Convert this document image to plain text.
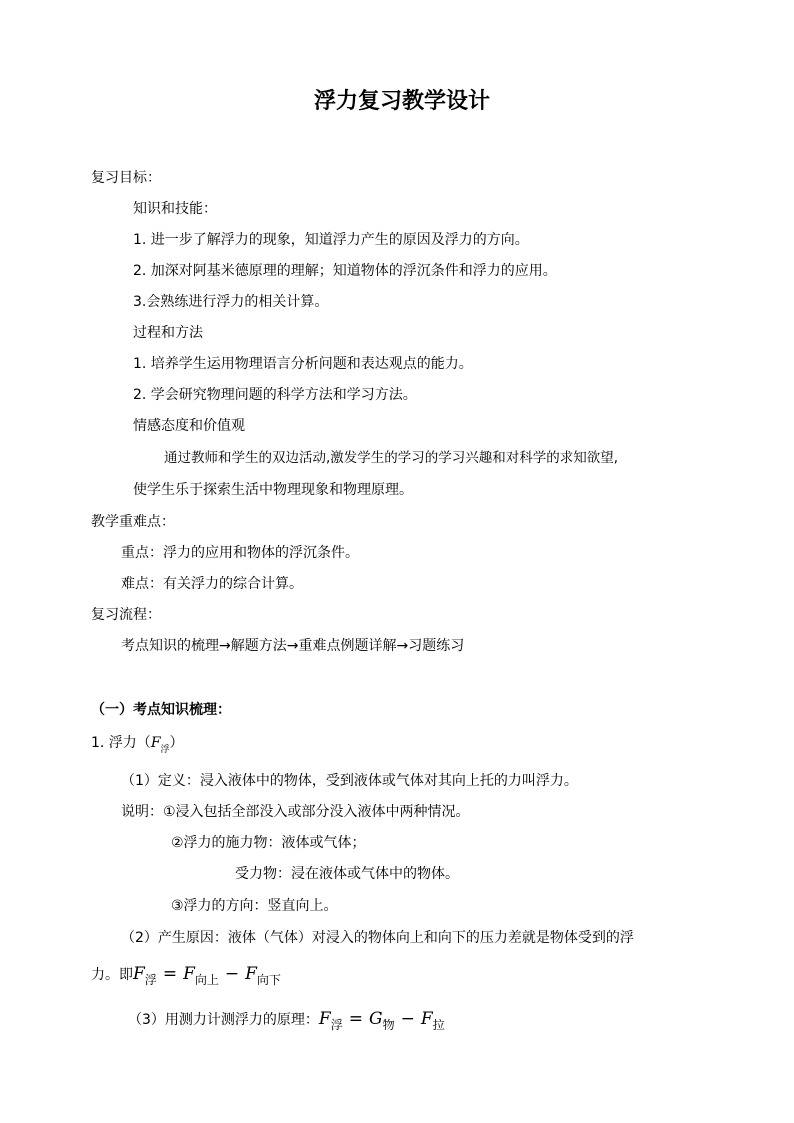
浮力复习教学设计
复习目标：
知识和技能：
1. 进一步了解浮力的现象，知道浮力产生的原因及浮力的方向。
2. 加深对阿基米德原理的理解；知道物体的浮沉条件和浮力的应用。
3.会熟练进行浮力的相关计算。
过程和方法
1. 培养学生运用物理语言分析问题和表达观点的能力。
2. 学会研究物理问题的科学方法和学习方法。
情感态度和价值观
通过教师和学生的双边活动,激发学生的学习的学习兴趣和对科学的求知欲望,
使学生乐于探索生活中物理现象和物理原理。
教学重难点：
重点：浮力的应用和物体的浮沉条件。
难点：有关浮力的综合计算。
复习流程：
考点知识的梳理→解题方法→重难点例题详解→习题练习
（一）考点知识梳理：
1. 浮力$(F_浮)$
（1）定义：浸入液体中的物体，受到液体或气体对其向上托的力叫浮力。
说明：①浸入包括全部没入或部分没入液体中两种情况。
②浮力的施力物：液体或气体；
受力物：浸在液体或气体中的物体。
③浮力的方向：竖直向上。
（2）产生原因：液体（气体）对浸入的物体向上和向下的压力差就是物体受到的浮
力。即F浮 = F向上 − F向下
（3）用测力计测浮力的原理：F浮 = G物 − F拉
